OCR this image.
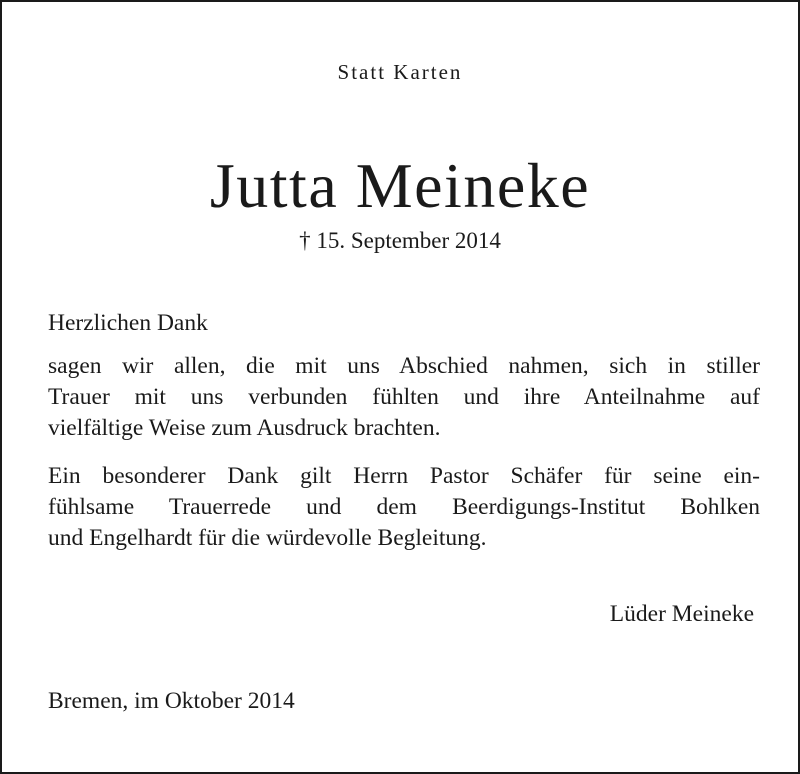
Statt Karten
Jutta Meineke
† 15. September 2014
Herzlichen Dank
sagen wir allen, die mit uns Abschied nahmen, sich in stiller
Trauer mit uns verbunden fühlten und ihre Anteilnahme auf
vielfältige Weise zum Ausdruck brachten.
Ein besonderer Dank gilt Herrn Pastor Schäfer für seine ein-
fühlsame Trauerrede und dem Beerdigungs-Institut Bohlken
und Engelhardt für die würdevolle Begleitung.
Lüder Meineke
Bremen, im Oktober 2014
